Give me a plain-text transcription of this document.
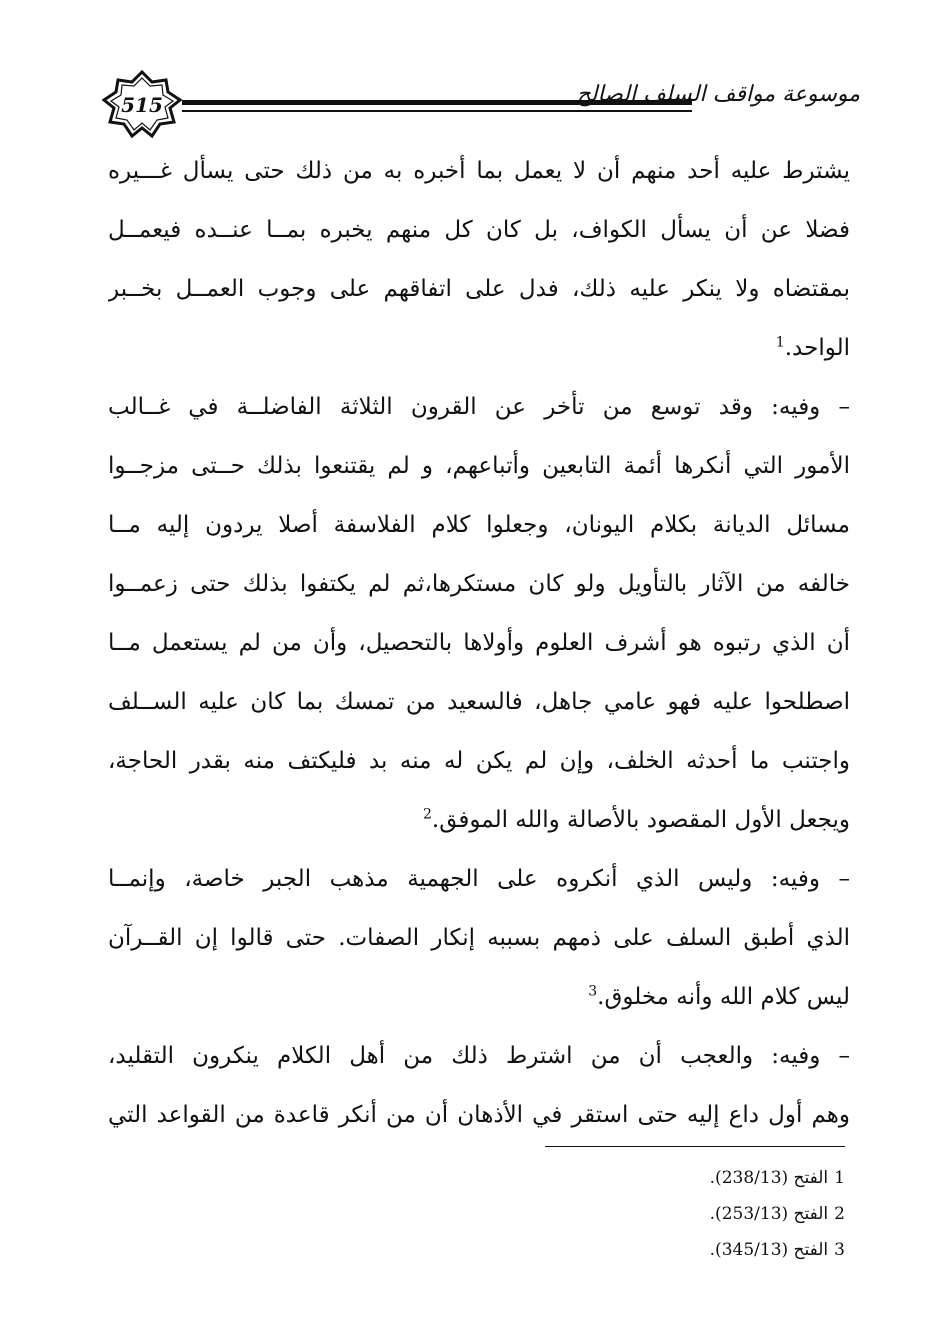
515	موسوعة مواقف السلف الصالح
يشترط عليه أحد منهم أن لا يعمل بما أخبره به من ذلك حتى يسأل غـــيره
فضلا عن أن يسأل الكواف، بل كان كل منهم يخبره بمــا عنــده فيعمــل
بمقتضاه ولا ينكر عليه ذلك، فدل على اتفاقهم على وجوب العمــل بخــبر
الواحد.$^1$
– وفيه: وقد توسع من تأخر عن القرون الثلاثة الفاضلــة في غــالب
الأمور التي أنكرها أئمة التابعين وأتباعهم، و لم يقتنعوا بذلك حــتى مزجــوا
مسائل الديانة بكلام اليونان، وجعلوا كلام الفلاسفة أصلا يردون إليه مــا
خالفه من الآثار بالتأويل ولو كان مستكرها،ثم لم يكتفوا بذلك حتى زعمــوا
أن الذي رتبوه هو أشرف العلوم وأولاها بالتحصيل، وأن من لم يستعمل مــا
اصطلحوا عليه فهو عامي جاهل، فالسعيد من تمسك بما كان عليه الســلف
واجتنب ما أحدثه الخلف، وإن لم يكن له منه بد فليكتف منه بقدر الحاجة،
ويجعل الأول المقصود بالأصالة والله الموفق.$^2$
– وفيه: وليس الذي أنكروه على الجهمية مذهب الجبر خاصة، وإنمــا
الذي أطبق السلف على ذمهم بسببه إنكار الصفات. حتى قالوا إن القــرآن
ليس كلام الله وأنه مخلوق.$^3$
– وفيه: والعجب أن من اشترط ذلك من أهل الكلام ينكرون التقليد،
وهم أول داع إليه حتى استقر في الأذهان أن من أنكر قاعدة من القواعد التي
1الفتح (238/13).
2الفتح (253/13).
3الفتح (345/13).
